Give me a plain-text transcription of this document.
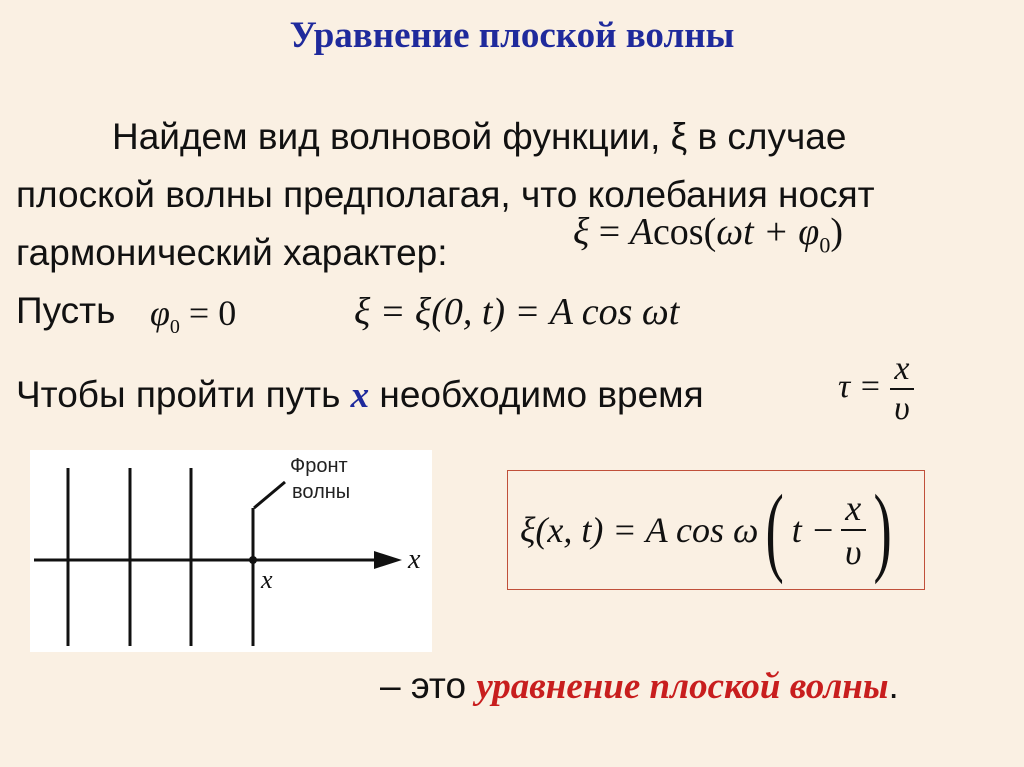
Уравнение плоской волны
Найдем вид волновой функции, ξ в случае
плоской волны предполагая, что колебания носят
гармонический характер:	$\xi = Acos(\omega t + \varphi_0)$
Пусть $\varphi_0 = 0$	ξ = ξ(0, t) = A cos ωt
Чтобы пройти путь x необходимо время	$\tau = \frac{x}{\upsilon}$
Фронт
волны
x
x
ξ(x, t) = A cos ω ( $t - \frac{x}{\upsilon}$ )
– это уравнение плоской волны.
